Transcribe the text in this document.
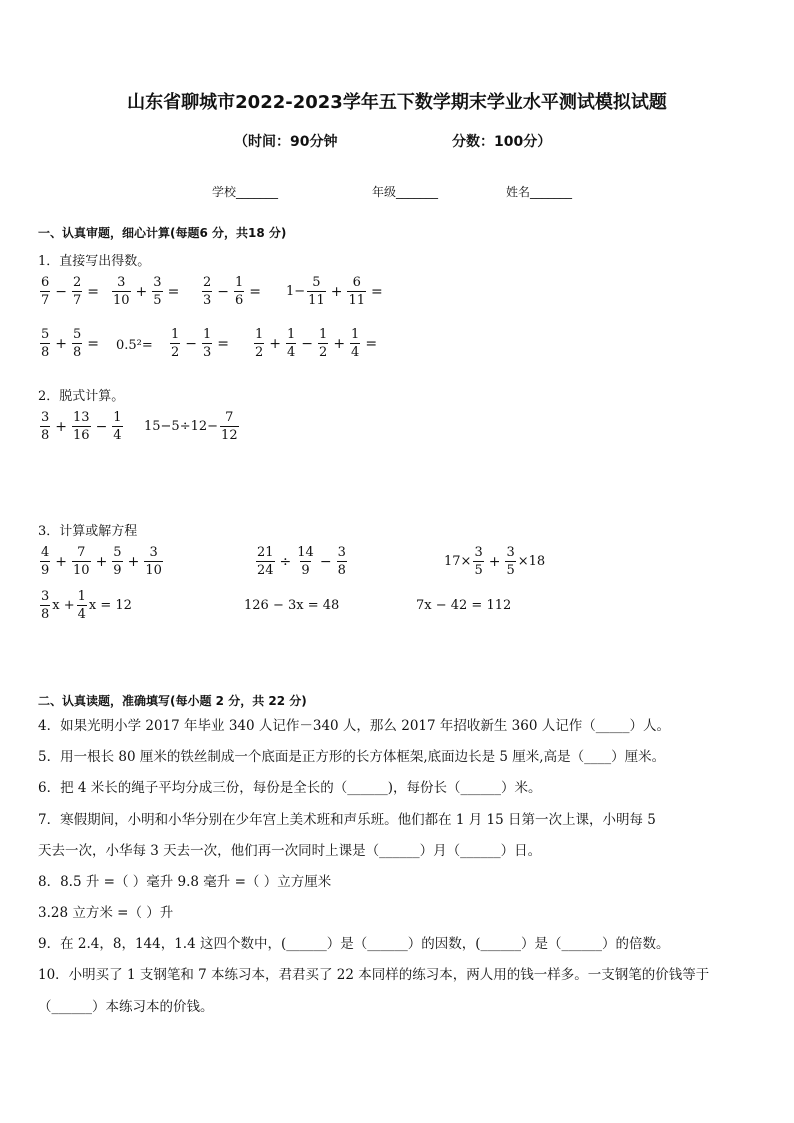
山东省聊城市2022-2023学年五下数学期末学业水平测试模拟试题
（时间：90分钟	分数：100分）
学校_______	年级_______	姓名_______
一、认真审题，细心计算(每题6 分，共18 分)
1．直接写出得数。
$\frac{6}{7} - \frac{2}{7} = \frac{3}{10} + \frac{3}{5} = \frac{2}{3} - \frac{1}{6} = 1- \frac{5}{11} + \frac{6}{11}$ =
$\frac{5}{8} + \frac{5}{8} = 0.5^2= \frac{1}{2} - \frac{1}{3} = \frac{1}{2} + \frac{1}{4} - \frac{1}{2} + \frac{1}{4}$ =
2．脱式计算。
$\frac{3}{8} + \frac{13}{16} - \frac{1}{4} 15-5\div 12- \frac{7}{12}$
3．计算或解方程
$\frac{4}{9} + \frac{7}{10} + \frac{5}{9} + \frac{3}{10}$	$\frac{21}{24} \div \frac{14}{9} - \frac{3}{8}$	$17\times \frac{3}{5} + \frac{3}{5} \times 18$
$\frac{3}{8}$ $x + \frac{1}{4}$ x = 12	126 − 3x = 48	7x − 42 = 112
二、认真读题，准确填写(每小题 2 分，共 22 分)
4．如果光明小学 2017 年毕业 340 人记作－340 人，那么 2017 年招收新生 360 人记作（_____）人。
5．用一根长 80 厘米的铁丝制成一个底面是正方形的长方体框架,底面边长是 5 厘米,高是（____）厘米。
6．把 4 米长的绳子平均分成三份，每份是全长的（______)，每份长（______）米。
7．寒假期间，小明和小华分别在少年宫上美术班和声乐班。他们都在 1 月 15 日第一次上课，小明每 5
天去一次，小华每 3 天去一次，他们再一次同时上课是（______）月（______）日。
8．8.5 升 =（ ）毫升 9.8 毫升 =（ ）立方厘米
3.28 立方米 =（ ）升
9．在 2.4，8，144，1.4 这四个数中，(______）是（______）的因数，(______）是（______）的倍数。
10．小明买了 1 支钢笔和 7 本练习本，君君买了 22 本同样的练习本，两人用的钱一样多。一支钢笔的价钱等于
（______）本练习本的价钱。
